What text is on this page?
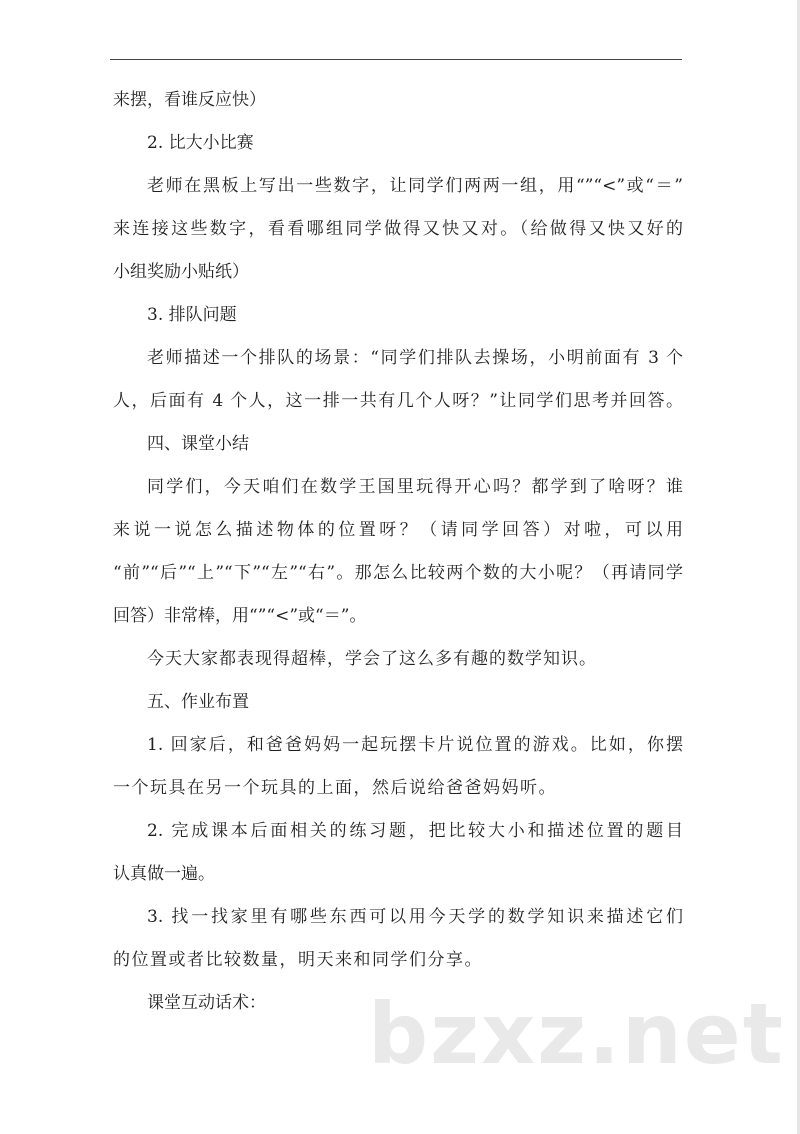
来摆，看谁反应快）
2. 比大小比赛
老师在黑板上写出一些数字，让同学们两两一组，用“”“<”或“＝”
来连接这些数字，看看哪组同学做得又快又对。（给做得又快又好的
小组奖励小贴纸）
3. 排队问题
老师描述一个排队的场景：“同学们排队去操场，小明前面有 3 个
人，后面有 4 个人，这一排一共有几个人呀？”让同学们思考并回答。
四、课堂小结
同学们，今天咱们在数学王国里玩得开心吗？都学到了啥呀？谁
来说一说怎么描述物体的位置呀？（请同学回答）对啦，可以用
“前”“后”“上”“下”“左”“右”。那怎么比较两个数的大小呢？（再请同学
回答）非常棒，用“”“<”或“＝”。
今天大家都表现得超棒，学会了这么多有趣的数学知识。
五、作业布置
1. 回家后，和爸爸妈妈一起玩摆卡片说位置的游戏。比如，你摆
一个玩具在另一个玩具的上面，然后说给爸爸妈妈听。
2. 完成课本后面相关的练习题，把比较大小和描述位置的题目
认真做一遍。
3. 找一找家里有哪些东西可以用今天学的数学知识来描述它们
的位置或者比较数量，明天来和同学们分享。
课堂互动话术：	bzxz.net
